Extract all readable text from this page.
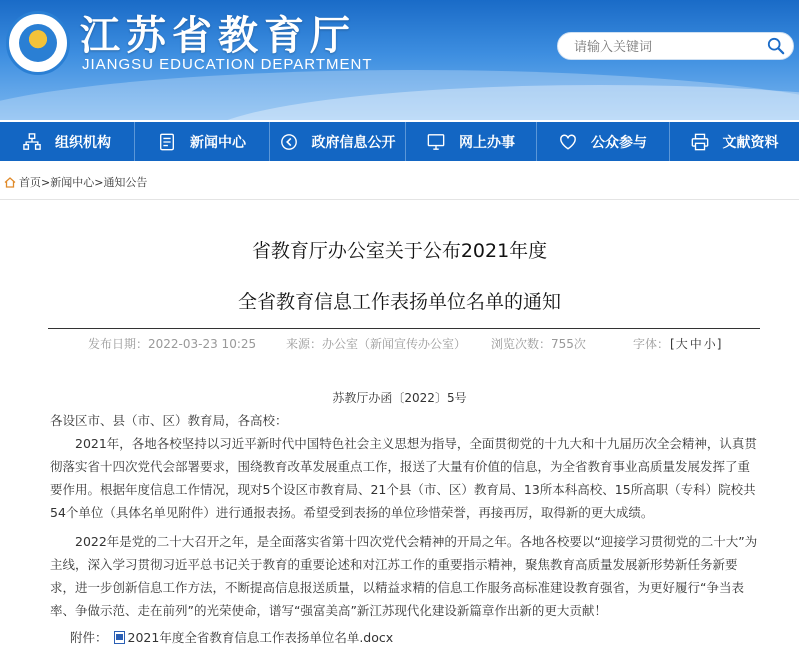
江苏省教育厅
JIANGSU EDUCATION DEPARTMENT
请输入关键词
组织机构	新闻中心	政府信息公开	网上办事	公众参与	文献资料
首页 > 新闻中心 > 通知公告
省教育厅办公室关于公布2021年度
全省教育信息工作表扬单位名单的通知
发布日期：2022-03-23 10:25 来源：办公室（新闻宣传办公室） 浏览次数：755次	字体： [大 中 小]
苏教厅办函〔2022〕5号
各设区市、县（市、区）教育局，各高校：
2021年，各地各校坚持以习近平新时代中国特色社会主义思想为指导，全面贯彻党的十九大和十九届历次全会精神，认真贯彻落实省十四次党代会部署要求，围绕教育改革发展重点工作，报送了大量有价值的信息，为全省教育事业高质量发展发挥了重要作用。根据年度信息工作情况，现对5个设区市教育局、21个县（市、区）教育局、13所本科高校、15所高职（专科）院校共54个单位（具体名单见附件）进行通报表扬。希望受到表扬的单位珍惜荣誉，再接再厉，取得新的更大成绩。
2022年是党的二十大召开之年，是全面落实省第十四次党代会精神的开局之年。各地各校要以“迎接学习贯彻党的二十大”为主线，深入学习贯彻习近平总书记关于教育的重要论述和对江苏工作的重要指示精神，聚焦教育高质量发展新形势新任务新要求，进一步创新信息工作方法，不断提高信息报送质量，以精益求精的信息工作服务高标准建设教育强省，为更好履行“争当表率、争做示范、走在前列”的光荣使命，谱写“强富美高”新江苏现代化建设新篇章作出新的更大贡献！
附件： 2021年度全省教育信息工作表扬单位名单.docx
